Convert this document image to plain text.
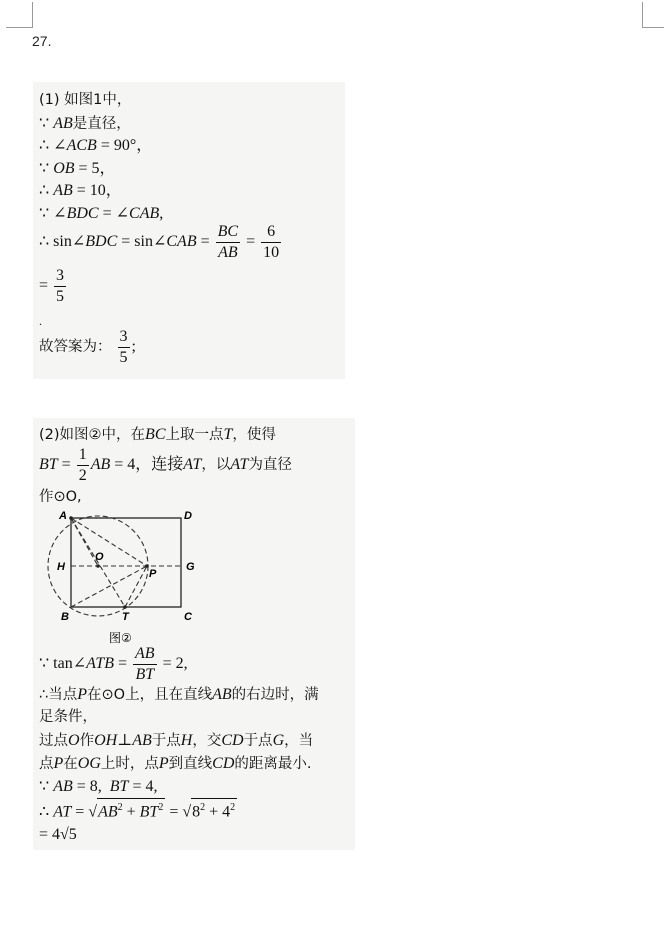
27.
(1) 如图1中，
∵ AB是直径，
∴ ∠ACB = 90°，
∵ OB = 5，
∴ AB = 10，
∵ ∠BDC = ∠CAB,
∴ sin∠BDC = sin∠CAB = $\frac{BC}{AB} = \frac{6}{10}$
= $\frac{3}{5}$
.
故答案为： $\frac{3}{5}$ ;
(2)如图②中，在BC上取一点T，使得
BT = $\frac{1}{2}$ AB = 4，连接AT，以AT为直径
作⊙O,
A	D
H
O
G
P
B	T	C
图②
∵ tan∠ATB = $\frac{AB}{BT} = 2$,
∴当点P在⊙O上，且在直线AB的右边时，满
足条件，
过点O作OH⊥AB于点H，交CD于点G，当
点P在OG上时，点P到直线CD的距离最小.
∵ AB = 8,  BT = 4,
∴ AT = $√AB^2 + BT^2 = √8^2 + 4^2$
= 4√5
